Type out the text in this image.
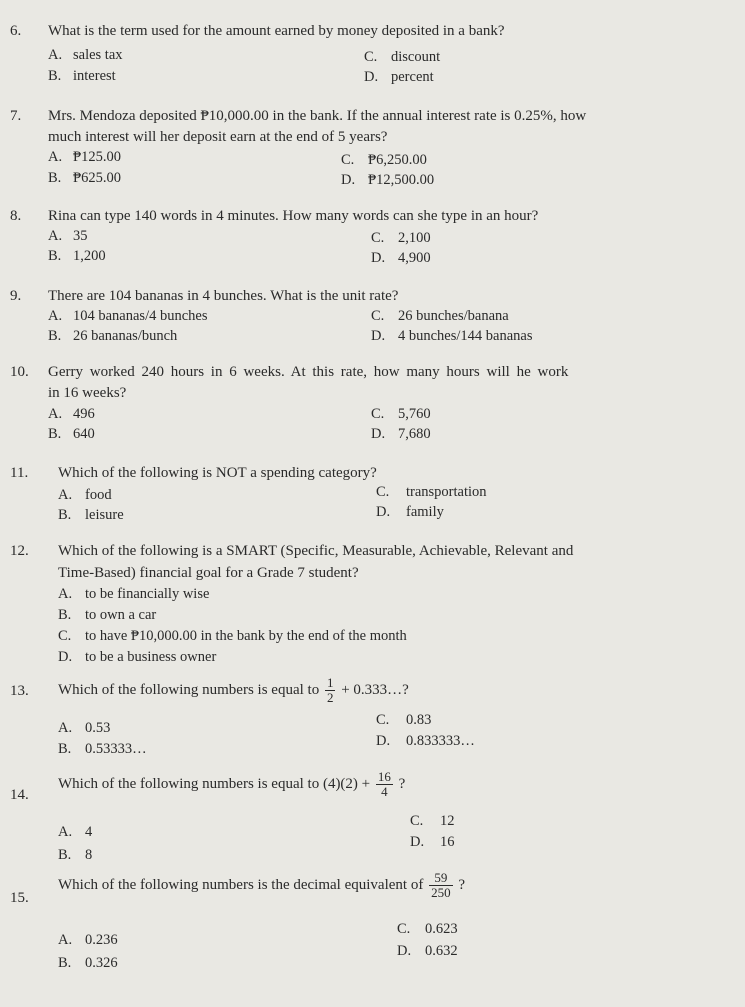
6. What is the term used for the amount earned by money deposited in a bank?
A. sales tax
B. interest
C. discount
D. percent
7. Mrs. Mendoza deposited ₱10,000.00 in the bank. If the annual interest rate is 0.25%, how
much interest will her deposit earn at the end of 5 years?
A. ₱125.00
B. ₱625.00
C. ₱6,250.00
D. ₱12,500.00
8. Rina can type 140 words in 4 minutes. How many words can she type in an hour?
A. 35
B. 1,200
C. 2,100
D. 4,900
9. There are 104 bananas in 4 bunches. What is the unit rate?
A. 104 bananas/4 bunches
B. 26 bananas/bunch
C. 26 bunches/banana
D. 4 bunches/144 bananas
10. Gerry worked 240 hours in 6 weeks. At this rate, how many hours will he work
in 16 weeks?
A. 496
B. 640
C. 5,760
D. 7,680
11. Which of the following is NOT a spending category?
A. food
B. leisure
C. transportation
D. family
12. Which of the following is a SMART (Specific, Measurable, Achievable, Relevant and
Time-Based) financial goal for a Grade 7 student?
A. to be financially wise
B. to own a car
C. to have ₱10,000.00 in the bank by the end of the month
D. to be a business owner
13. Which of the following numbers is equal to $\frac{1}{2}$ + 0.333…?
A. 0.53
B. 0.53333…
C. 0.83
D. 0.833333…
14.
Which of the following numbers is equal to $(4)(2) + \frac{16}{4}$ ?
A. 4
B. 8
C. 12
D. 16
15.
Which of the following numbers is the decimal equivalent of $\frac{59}{250}$ ?
A. 0.236
B. 0.326
C. 0.623
D. 0.632
